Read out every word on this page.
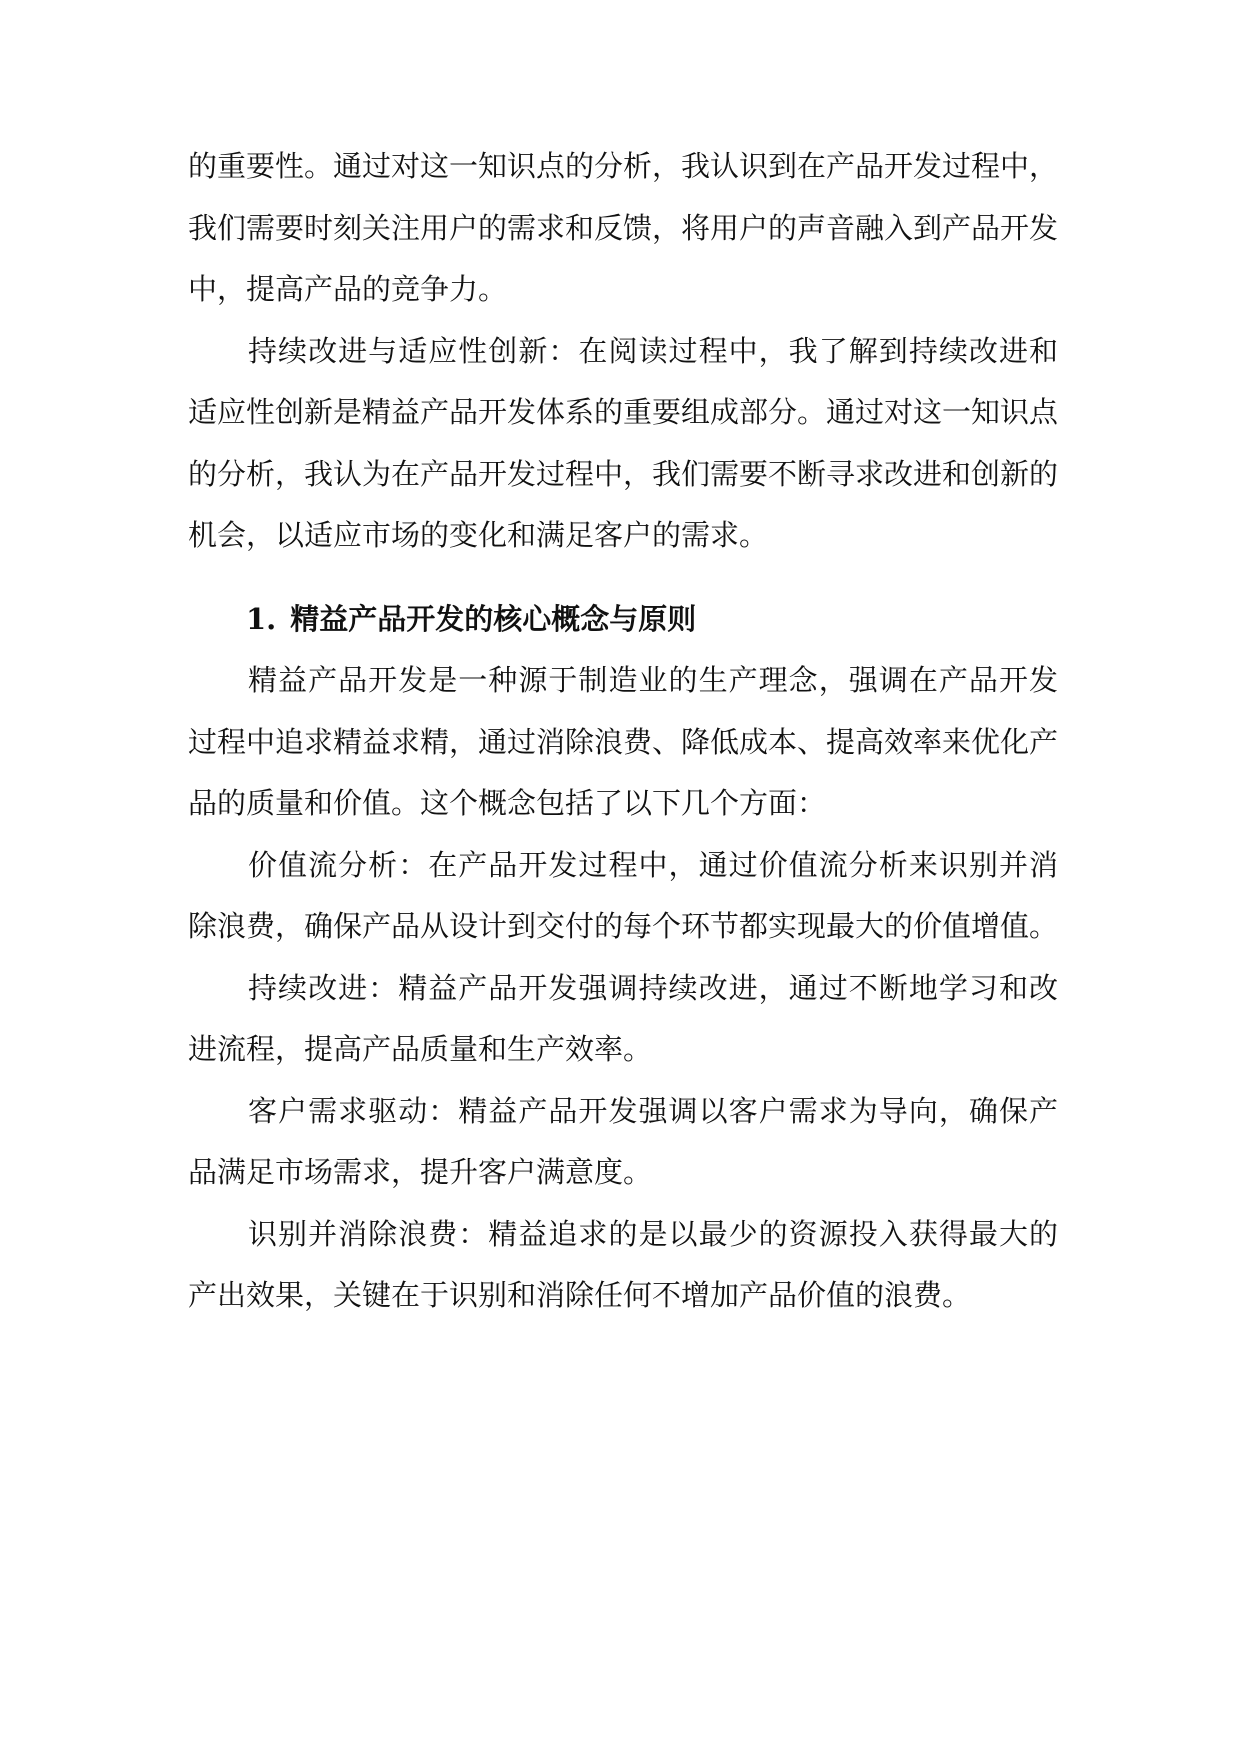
的重要性。通过对这一知识点的分析，我认识到在产品开发过程中，我们需要时刻关注用户的需求和反馈，将用户的声音融入到产品开发中，提高产品的竞争力。

持续改进与适应性创新：在阅读过程中，我了解到持续改进和适应性创新是精益产品开发体系的重要组成部分。通过对这一知识点的分析，我认为在产品开发过程中，我们需要不断寻求改进和创新的机会，以适应市场的变化和满足客户的需求。

1. 精益产品开发的核心概念与原则

精益产品开发是一种源于制造业的生产理念，强调在产品开发过程中追求精益求精，通过消除浪费、降低成本、提高效率来优化产品的质量和价值。这个概念包括了以下几个方面：

价值流分析：在产品开发过程中，通过价值流分析来识别并消除浪费，确保产品从设计到交付的每个环节都实现最大的价值增值。

持续改进：精益产品开发强调持续改进，通过不断地学习和改进流程，提高产品质量和生产效率。

客户需求驱动：精益产品开发强调以客户需求为导向，确保产品满足市场需求，提升客户满意度。

识别并消除浪费：精益追求的是以最少的资源投入获得最大的产出效果，关键在于识别和消除任何不增加产品价值的浪费。
